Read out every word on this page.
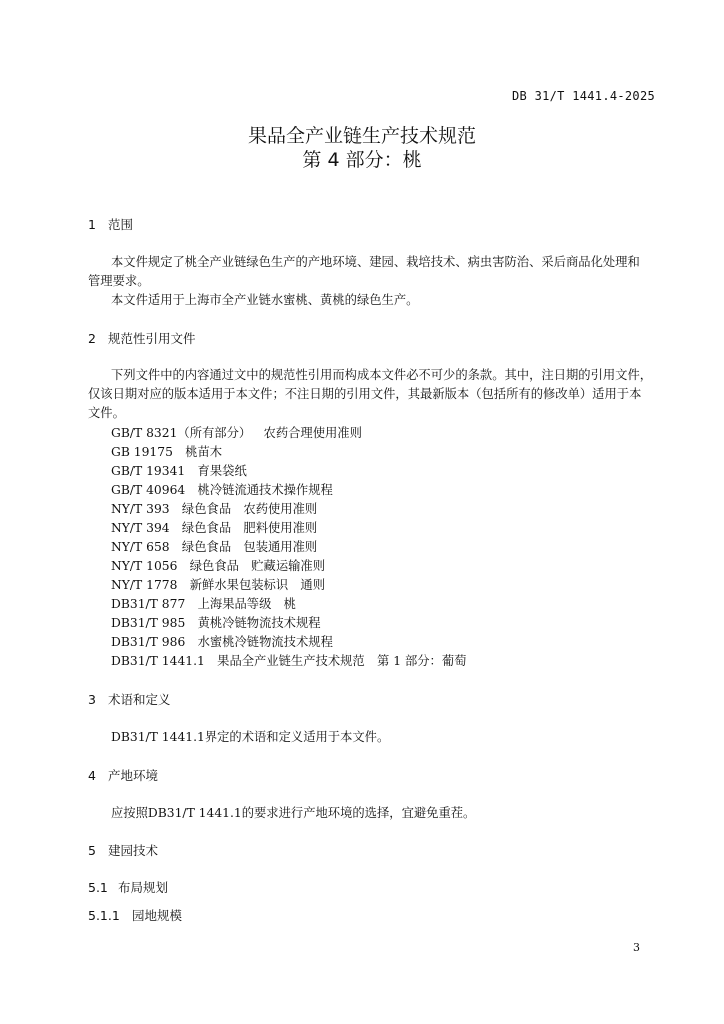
DB 31/T 1441.4-2025
果品全产业链生产技术规范
第 4 部分：桃
1 范围
本文件规定了桃全产业链绿色生产的产地环境、建园、栽培技术、病虫害防治、采后商品化处理和
管理要求。
本文件适用于上海市全产业链水蜜桃、黄桃的绿色生产。
2 规范性引用文件
下列文件中的内容通过文中的规范性引用而构成本文件必不可少的条款。其中，注日期的引用文件，
仅该日期对应的版本适用于本文件；不注日期的引用文件，其最新版本（包括所有的修改单）适用于本
文件。
GB/T 8321（所有部分）　 农药合理使用准则
GB 19175　 桃苗木
GB/T 19341　 育果袋纸
GB/T 40964　 桃冷链流通技术操作规程
NY/T 393　 绿色食品　农药使用准则
NY/T 394　 绿色食品　肥料使用准则
NY/T 658　 绿色食品　包装通用准则
NY/T 1056　 绿色食品　贮藏运输准则
NY/T 1778　 新鲜水果包装标识　通则
DB31/T 877　 上海果品等级　桃
DB31/T 985　 黄桃冷链物流技术规程
DB31/T 986　 水蜜桃冷链物流技术规程
DB31/T 1441.1　 果品全产业链生产技术规范　第 1 部分：葡萄
3 术语和定义
DB31/T 1441.1界定的术语和定义适用于本文件。
4 产地环境
应按照DB31/T 1441.1的要求进行产地环境的选择，宜避免重茬。
5 建园技术
5.1 布局规划
5.1.1 园地规模
3
